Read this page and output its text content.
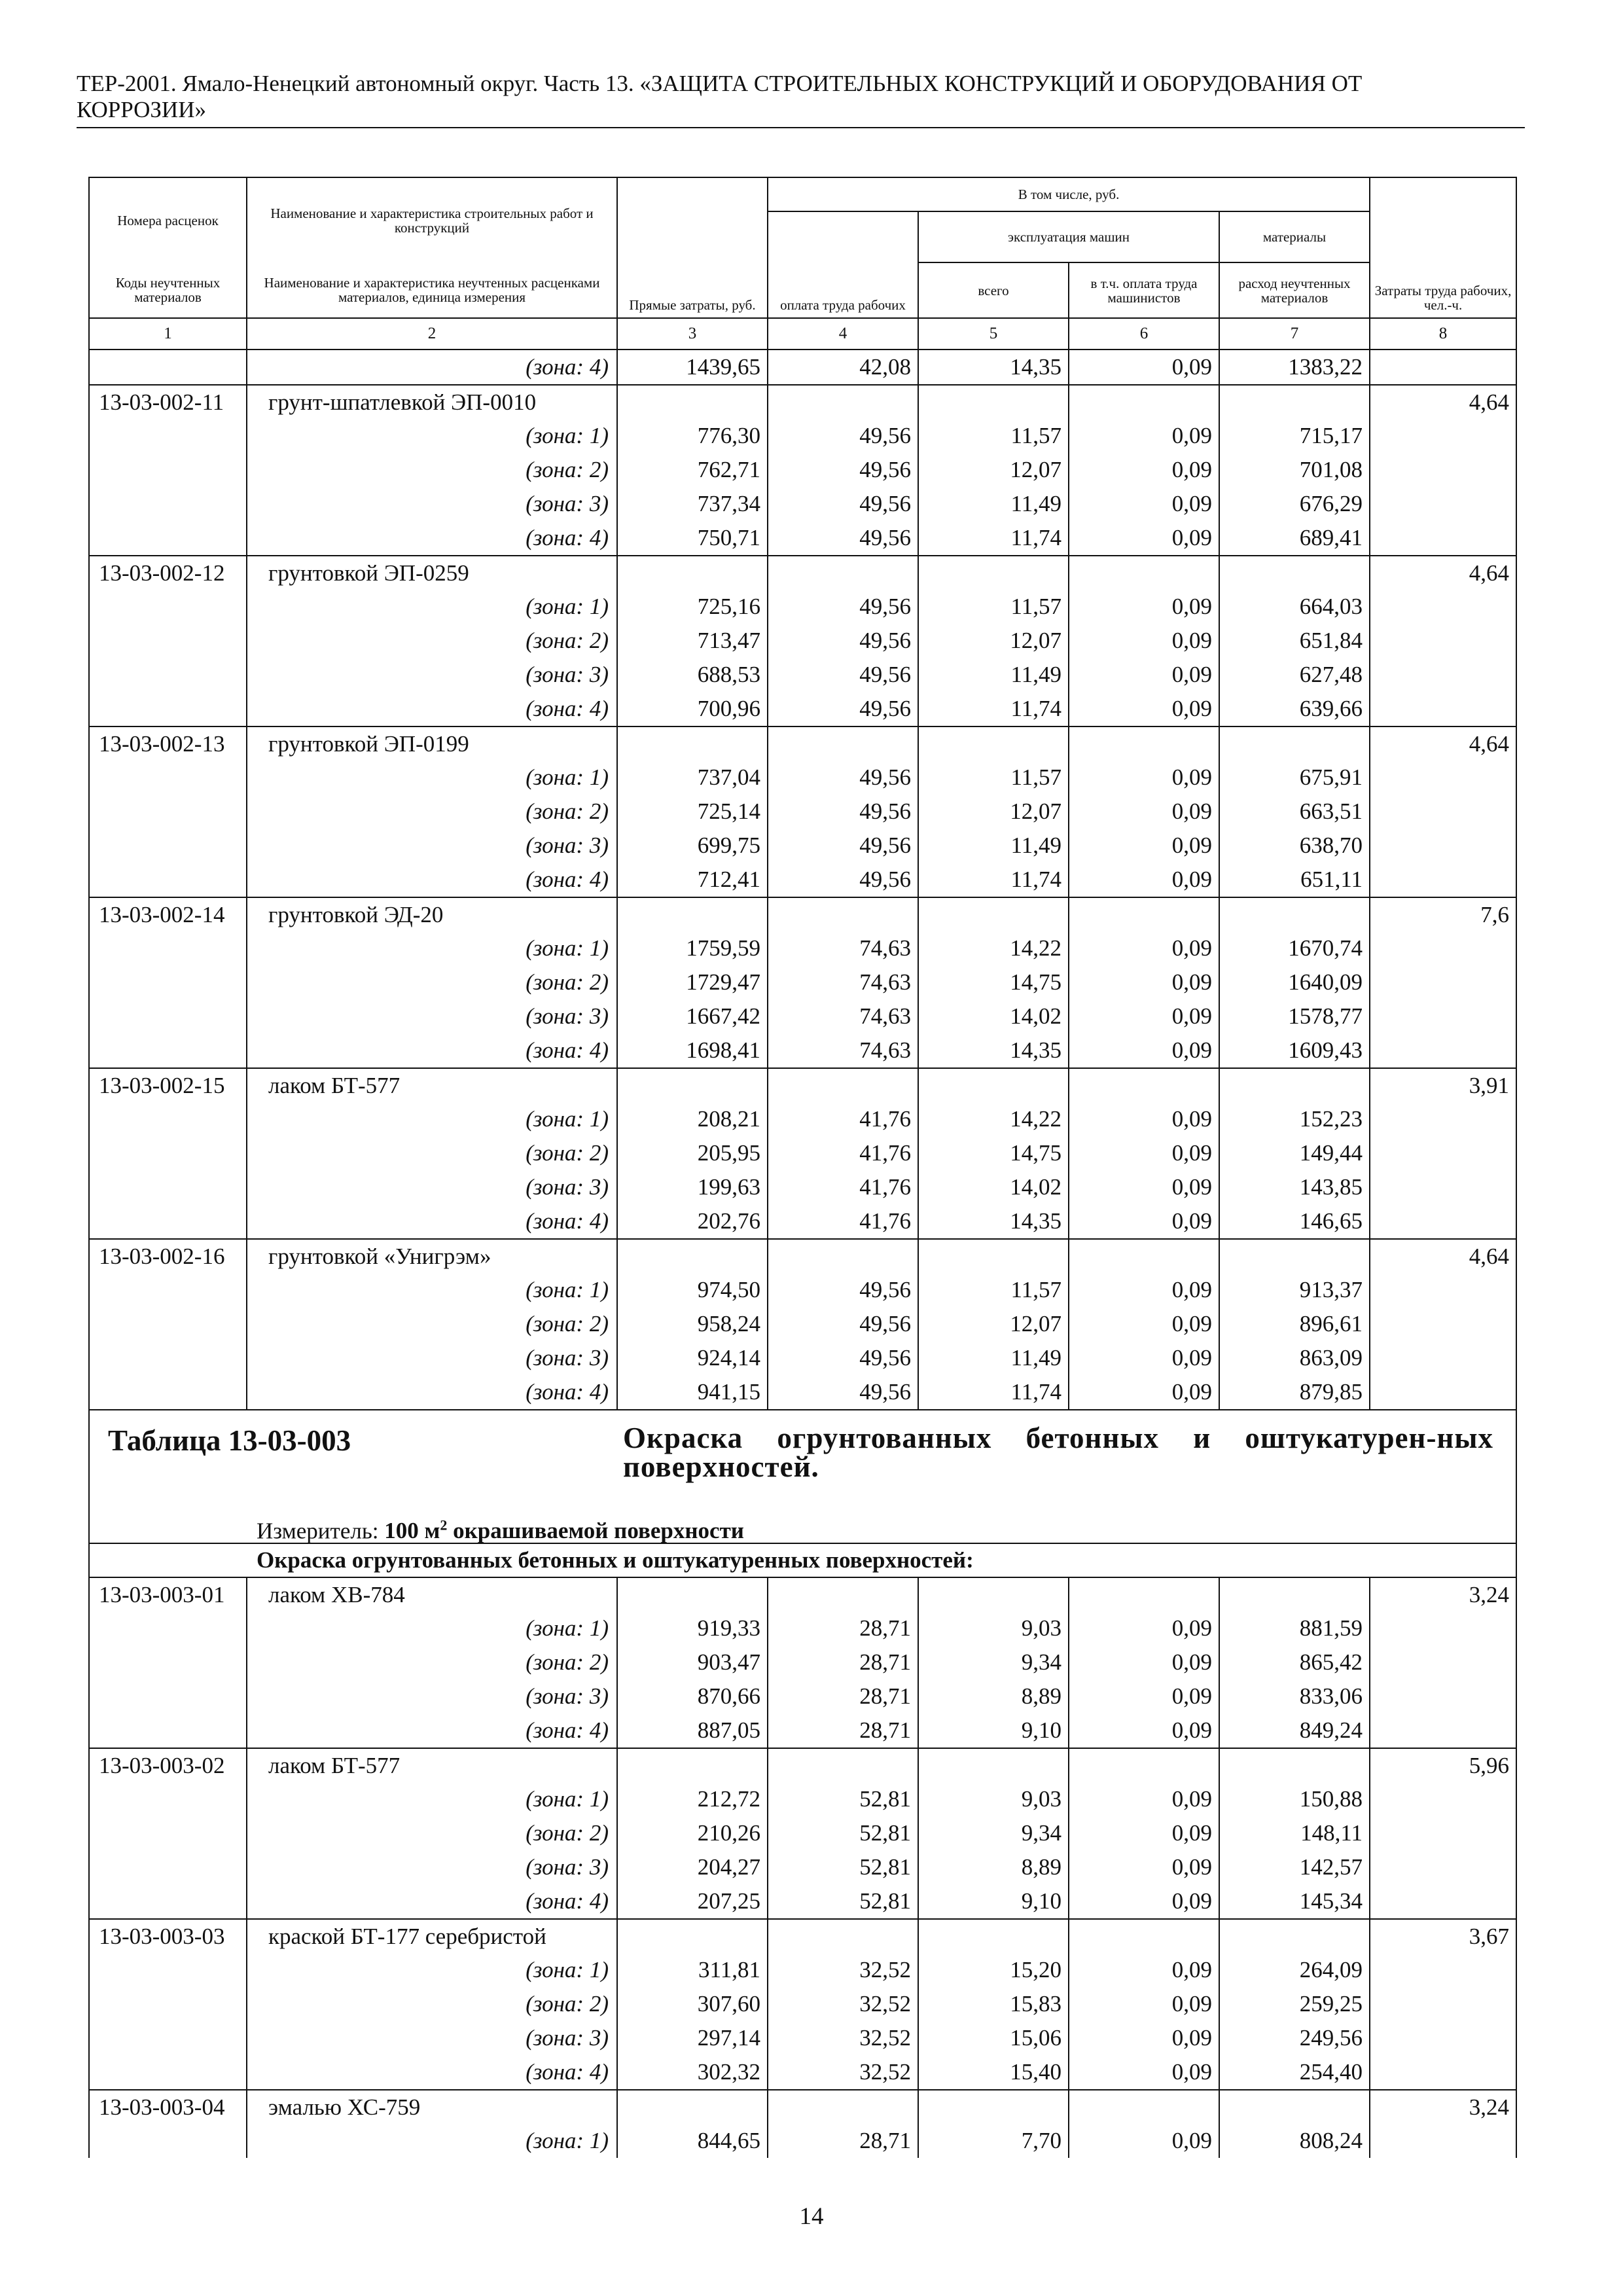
ТЕР-2001. Ямало-Ненецкий автономный округ. Часть 13. «ЗАЩИТА СТРОИТЕЛЬНЫХ КОНСТРУКЦИЙ И ОБОРУДОВАНИЯ ОТ
КОРРОЗИИ»
Номера расценок	Наименование и характеристика строительных работ и конструкций	Прямые затраты, руб.	В том числе, руб.				Затраты труда рабочих, чел.-ч.
			оплата труда рабочих	эксплуатация машин		материалы	
Коды неучтенных материалов	Наименование и характеристика неучтенных расценками материалов, единица измерения			всего	в т.ч. оплата труда машинистов	расход неучтенных материалов	
1	2	3	4	5	6	7	8
	(зона: 4)	1439,65	42,08	14,35	0,09	1383,22	
13-03-002-11	грунт-шпатлевкой ЭП-0010						4,64
	(зона: 1)	776,30	49,56	11,57	0,09	715,17	
	(зона: 2)	762,71	49,56	12,07	0,09	701,08	
	(зона: 3)	737,34	49,56	11,49	0,09	676,29	
	(зона: 4)	750,71	49,56	11,74	0,09	689,41	
13-03-002-12	грунтовкой ЭП-0259						4,64
	(зона: 1)	725,16	49,56	11,57	0,09	664,03	
	(зона: 2)	713,47	49,56	12,07	0,09	651,84	
	(зона: 3)	688,53	49,56	11,49	0,09	627,48	
	(зона: 4)	700,96	49,56	11,74	0,09	639,66	
13-03-002-13	грунтовкой ЭП-0199						4,64
	(зона: 1)	737,04	49,56	11,57	0,09	675,91	
	(зона: 2)	725,14	49,56	12,07	0,09	663,51	
	(зона: 3)	699,75	49,56	11,49	0,09	638,70	
	(зона: 4)	712,41	49,56	11,74	0,09	651,11	
13-03-002-14	грунтовкой ЭД-20						7,6
	(зона: 1)	1759,59	74,63	14,22	0,09	1670,74	
	(зона: 2)	1729,47	74,63	14,75	0,09	1640,09	
	(зона: 3)	1667,42	74,63	14,02	0,09	1578,77	
	(зона: 4)	1698,41	74,63	14,35	0,09	1609,43	
13-03-002-15	лаком БТ-577						3,91
	(зона: 1)	208,21	41,76	14,22	0,09	152,23	
	(зона: 2)	205,95	41,76	14,75	0,09	149,44	
	(зона: 3)	199,63	41,76	14,02	0,09	143,85	
	(зона: 4)	202,76	41,76	14,35	0,09	146,65	
13-03-002-16	грунтовкой «Унигрэм»						4,64
	(зона: 1)	974,50	49,56	11,57	0,09	913,37	
	(зона: 2)	958,24	49,56	12,07	0,09	896,61	
	(зона: 3)	924,14	49,56	11,49	0,09	863,09	
	(зона: 4)	941,15	49,56	11,74	0,09	879,85	

Таблица 13-03-003 Окраска огрунтованных бетонных и оштукатурен-ных поверхностей.							

Измеритель: 100 $м^2$ окрашиваемой поверхности							

Окраска огрунтованных бетонных и оштукатуренных поверхностей:							

13-03-003-01	лаком ХВ-784						3,24
	(зона: 1)	919,33	28,71	9,03	0,09	881,59	
	(зона: 2)	903,47	28,71	9,34	0,09	865,42	
	(зона: 3)	870,66	28,71	8,89	0,09	833,06	
	(зона: 4)	887,05	28,71	9,10	0,09	849,24	
13-03-003-02	лаком БТ-577						5,96
	(зона: 1)	212,72	52,81	9,03	0,09	150,88	
	(зона: 2)	210,26	52,81	9,34	0,09	148,11	
	(зона: 3)	204,27	52,81	8,89	0,09	142,57	
	(зона: 4)	207,25	52,81	9,10	0,09	145,34	
13-03-003-03	краской БТ-177 серебристой						3,67
	(зона: 1)	311,81	32,52	15,20	0,09	264,09	
	(зона: 2)	307,60	32,52	15,83	0,09	259,25	
	(зона: 3)	297,14	32,52	15,06	0,09	249,56	
	(зона: 4)	302,32	32,52	15,40	0,09	254,40	
13-03-003-04	эмалью ХС-759						3,24
	(зона: 1)	844,65	28,71	7,70	0,09	808,24	
14
